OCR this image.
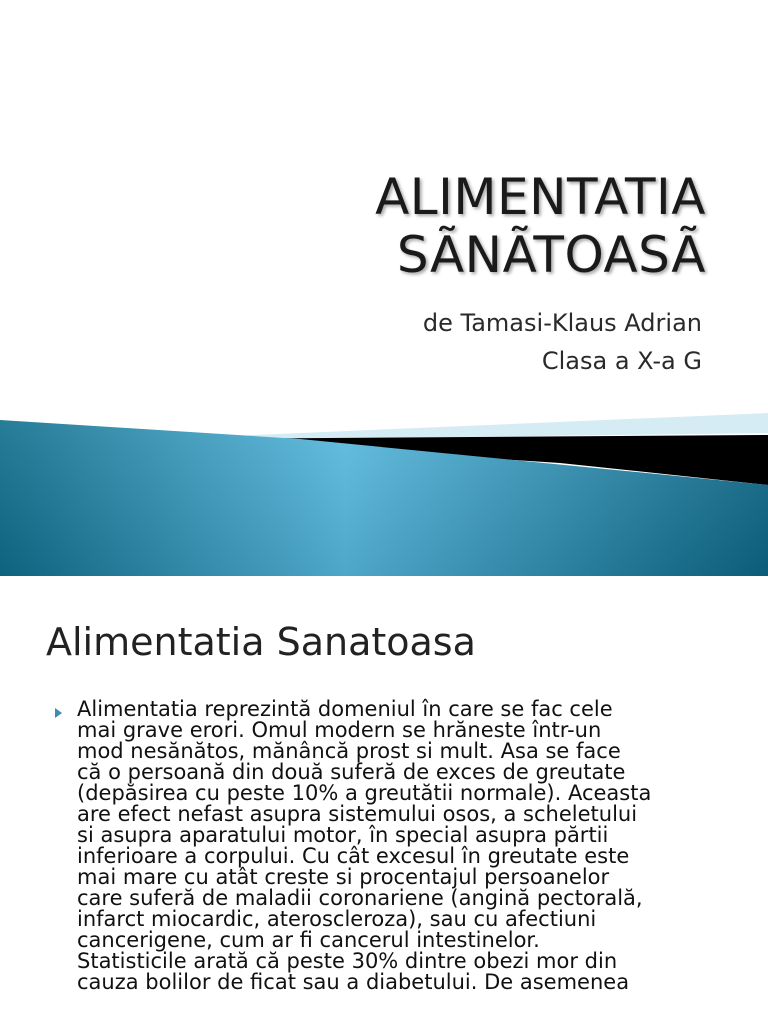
ALIMENTATIA
SÃNÃTOASÃ
de Tamasi-Klaus Adrian
Clasa a X-a G
Alimentatia Sanatoasa
Alimentatia reprezintă domeniul în care se fac cele
mai grave erori. Omul modern se hrăneste într-un
mod nesănătos, mănâncă prost si mult. Asa se face
că o persoană din două suferă de exces de greutate
(depăsirea cu peste 10% a greutătii normale). Aceasta
are efect nefast asupra sistemului osos, a scheletului
si asupra aparatului motor, în special asupra părtii
inferioare a corpului. Cu cât excesul în greutate este
mai mare cu atât creste si procentajul persoanelor
care suferă de maladii coronariene (angină pectorală,
infarct miocardic, ateroscleroza), sau cu afectiuni
cancerigene, cum ar fi cancerul intestinelor.
Statisticile arată că peste 30% dintre obezi mor din
cauza bolilor de ficat sau a diabetului. De asemenea
